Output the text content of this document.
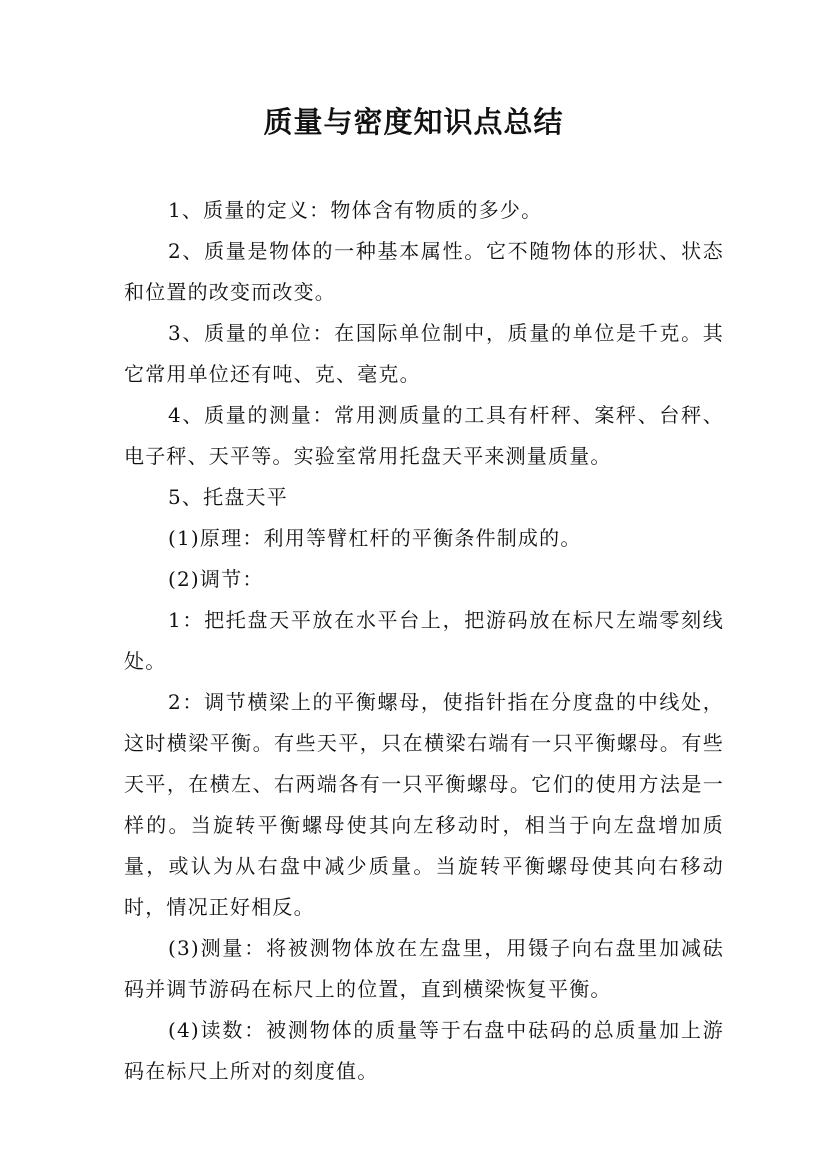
质量与密度知识点总结

1、质量的定义：物体含有物质的多少。

2、质量是物体的一种基本属性。它不随物体的形状、状态和位置的改变而改变。

3、质量的单位：在国际单位制中，质量的单位是千克。其它常用单位还有吨、克、毫克。

4、质量的测量：常用测质量的工具有杆秤、案秤、台秤、电子秤、天平等。实验室常用托盘天平来测量质量。

5、托盘天平

(1)原理：利用等臂杠杆的平衡条件制成的。

(2)调节：

1：把托盘天平放在水平台上，把游码放在标尺左端零刻线处。

2：调节横梁上的平衡螺母，使指针指在分度盘的中线处，这时横梁平衡。有些天平，只在横梁右端有一只平衡螺母。有些天平，在横左、右两端各有一只平衡螺母。它们的使用方法是一样的。当旋转平衡螺母使其向左移动时，相当于向左盘增加质量，或认为从右盘中减少质量。当旋转平衡螺母使其向右移动时，情况正好相反。

(3)测量：将被测物体放在左盘里，用镊子向右盘里加减砝码并调节游码在标尺上的位置，直到横梁恢复平衡。

(4)读数：被测物体的质量等于右盘中砝码的总质量加上游码在标尺上所对的刻度值。
